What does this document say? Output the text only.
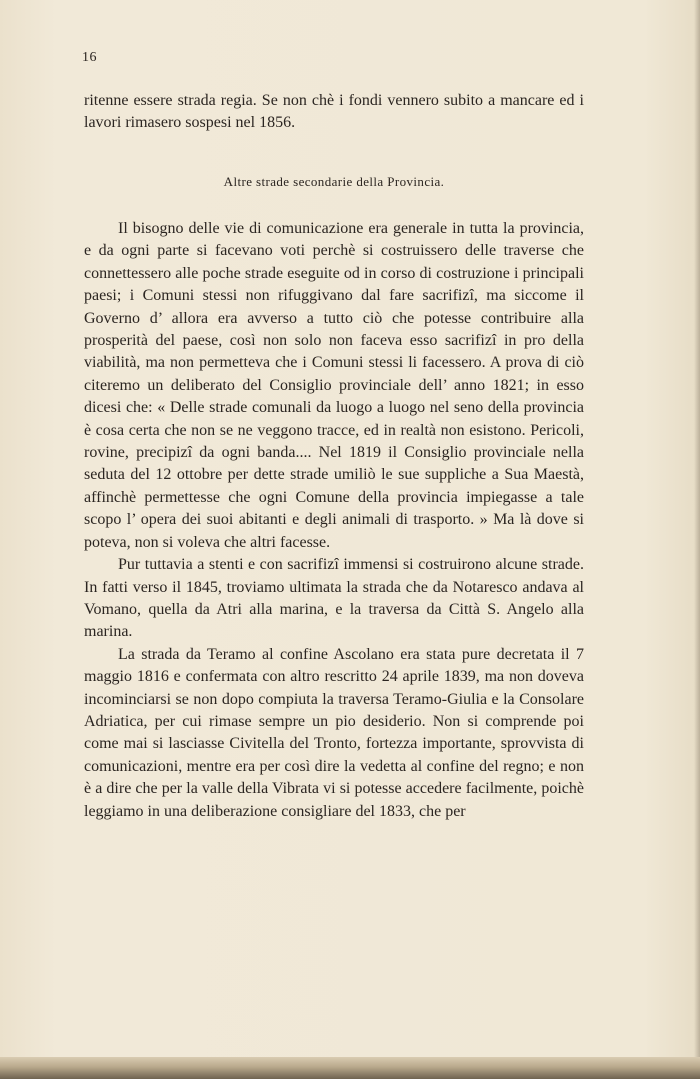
16
ritenne essere strada regia. Se non chè i fondi vennero subito a mancare ed i lavori rimasero sospesi nel 1856.
Altre strade secondarie della Provincia.

Il bisogno delle vie di comunicazione era generale in tutta la provincia, e da ogni parte si facevano voti perchè si costruissero delle traverse che connettessero alle poche strade eseguite od in corso di costruzione i principali paesi; i Comuni stessi non rifuggivano dal fare sacrifizî, ma siccome il Governo d’ allora era avverso a tutto ciò che potesse contribuire alla prosperità del paese, così non solo non faceva esso sacrifizî in pro della viabilità, ma non permetteva che i Comuni stessi li facessero. A prova di ciò citeremo un deliberato del Consiglio provinciale dell’ anno 1821; in esso dicesi che: « Delle strade comunali da luogo a luogo nel seno della provincia è cosa certa che non se ne veggono tracce, ed in realtà non esistono. Pericoli, rovine, precipizî da ogni banda.... Nel 1819 il Consiglio provinciale nella seduta del 12 ottobre per dette strade umiliò le sue suppliche a Sua Maestà, affinchè permettesse che ogni Comune della provincia impiegasse a tale scopo l’ opera dei suoi abitanti e degli animali di trasporto. » Ma là dove si poteva, non si voleva che altri facesse.

Pur tuttavia a stenti e con sacrifizî immensi si costruirono alcune strade. In fatti verso il 1845, troviamo ultimata la strada che da Notaresco andava al Vomano, quella da Atri alla marina, e la traversa da Città S. Angelo alla marina.

La strada da Teramo al confine Ascolano era stata pure decretata il 7 maggio 1816 e confermata con altro rescritto 24 aprile 1839, ma non doveva incominciarsi se non dopo compiuta la traversa Teramo-Giulia e la Consolare Adriatica, per cui rimase sempre un pio desiderio. Non si comprende poi come mai si lasciasse Civitella del Tronto, fortezza importante, sprovvista di comunicazioni, mentre era per così dire la vedetta al confine del regno; e non è a dire che per la valle della Vibrata vi si potesse accedere facilmente, poichè leggiamo in una deliberazione consigliare del 1833, che per
